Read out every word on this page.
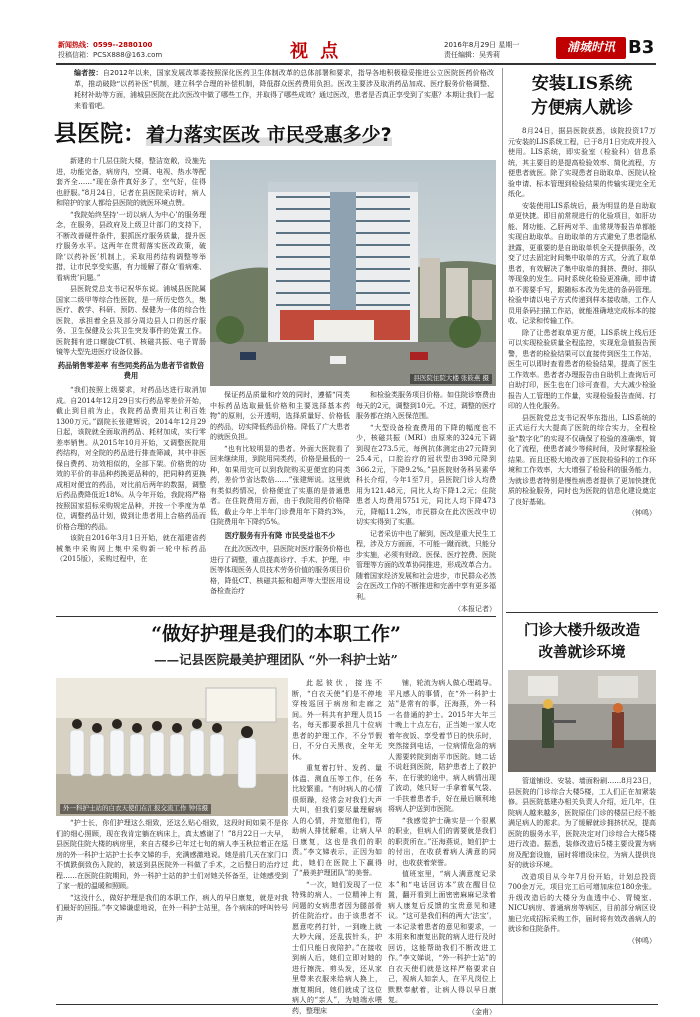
新闻热线：0599--2880100
投稿信箱：PCSX888@163.com	视 点	2016年8月29日 星期一
责任编辑：吴秀莉
浦城时讯 B3
编者按：自2012年以来，国家发展改革委按照深化医药卫生体制改革的总体部署和要求，指导各地积极稳妥推进公立医院医药价格改革，推动破除“以药补医”机制，建立科学合理的补偿机制，降低群众医药费用负担。医改主要涉及取消药品加成、医疗服务价格调整、耗材补助等方面，浦城县医院在此次医改中做了哪些工作，并取得了哪些成效？通过医改，患者是否真正享受到了实惠？本期让我们一起来看看吧。
县医院：着力落实医改 市民受惠多少?

新建的十几层住院大楼，整洁宽敞，设施先进，功能完备，病房内，空调、电视、热水等配套齐全……“现在条件真好多了，空气好，住得也舒服。”8月24日，记者在县医院采访时，病人和陪护的家人都给县医院的就医环境点赞。

“我院始终坚持‘一切以病人为中心’的服务理念，在服务，县政府及上级卫计部门的支持下，不断改善硬件条件，狠抓医疗服务质量，提升医疗服务水平。这两年在贯彻落实医改政策，破除‘以药补医’机制上，采取用药结构调整等举措，让市民享受实惠，有力缓解了群众‘看病难、看病贵’问题。”

县医院党总支书记祝华东说。浦城县医院属国家二级甲等综合性医院，是一所历史悠久，集医疗、教学、科研、预防、保健为一体的综合性医院，承担着全县及部分周边县人口的医疗服务、卫生保健及公共卫生突发事件的处置工作。医院拥有进口螺旋CT机、核磁共振、电子胃肠镜等大型先进医疗设备仪器。

药品销售零差率 有些同类药品为患者节省数倍费用

“我们按照上级要求，对药品达进行取消加成。自2014年12月29日实行药品零差价开始，截止到目前为止，我院药品费用共让利百姓1300万元。”副院长张建辉说，2014年12月29日起，该院就全面取消药品、耗材加成，实行零差率销售。从2015年10月开始，又调整医院用药结构，对全院的药品进行排查筛减，其中非医保自费药、功效相似的，全部下架。价格贵的功效的平价的非品种药换更品种的，把同种药更换成相对便宜的药品，对比前后两年的数据，调整后药品费降低近18%。从今年开始，我院将严格按照国家招标采购规定品种，并按一个季度为单位，调整药品计划，做到让患者用上合格药品而价格合理的药品。

该院自2016年3月1日开始，就在福建省药械集中采购网上集中采购新一轮中标药品（2015版），采购过程中，在

县医院住院大楼 张筱燕 摄

保证药品质量和疗效的同时，遵循“同类中标药品选取最低价格和主要选择基本药物”的原则，公开透明，选择质量好、价格低的药品，切实降低药品价格。降低了广大患者的就医负担。

“也有比较明显的患者。外面大医院看了回来继续用，到院用同类药，价格是最低的一种，如果用完可以到我院购买更便宜的同类药，差价节省达数倍……”张建辉说。这里就有类似药情况，价格便宜了实惠的是普通患者。在住院费用方面，由于我院用药价格降低，截止今年上半年门诊费用年下降约3%，住院费用年下降约5%。

医疗服务有升有降 市民受益也不少

在此次医改中，县医院对医疗服务价格也进行了调整，重点提高诊疗、手术、护理、中医等体现医务人员技术劳务价值的服务项目价格，降低CT、核磁共振和超声等大型医用设备检查治疗

和检验类服务项目价格。如住院诊察费由每天的2元，调整到10元。不过，调整的医疗服务都在纳入医保范围。

“大型设备检查费用的下降的幅度也不少，核磁共振（MRI）由原来的324元下调到现在273.5元，每例抗体测定由27元降到25.4元，口腔治疗的冠状型由398元降到366.2元，下降9.2%。”县医院财务科吴素华科长介绍，今年1至7月，县医院门诊人均费用为121.48元，同比人均下降1.2元；住院患者人均费用5751元，同比人均下降473元，降幅11.2%，市民群众在此次医改中切切实实得到了实惠。

记者采访中也了解到，医改是重大民生工程，涉及方方面面，不可能一蹴而就，只能分步实施，必须有财政、医保、医疗控费、医院管理等方面的改革协同推进，形成改革合力。随着国家经济发展和社会进步，市民群众必然会在医改工作的不断推进和完善中享有更多福利。

（本报记者）
“做好护理是我们的本职工作”
——记县医院最美护理团队 “外一科护士站”
外一科护士站的白衣天使们在汇报交流工作 钟伟摄

“护士长，你们护理这么细致，还这么贴心细致，这段时间如果不是你们的细心照顾，现在我肯定躺在病床上，真太感谢了！”8月22日一大早，县医院住院大楼的病房里，来自古楼乡已年过七旬的病人李玉秋拉着正在巡房的外一科护士站护士长李文娣的手，充满感激地说。她是前几天在家门口不慎跌倒致伤入院的，被送到县医院外一科做了手术，之后整日的治疗过程……在医院住院期间，外一科护士站的护士们对她关怀备至，让她感受到了家一般的温暖和照顾。

“这没什么，做好护理是我们的本职工作，病人的早日康复，就是对我们最好的回报。”李文娣谦虚地说，在外一科护士站里，各个病床的呼叫铃号声

此起彼伏，接连不断，“白衣天使”们是不停地穿梭巡回于病房和走廊之间。外一科共有护理人员15名，每天都要承担几十位病患者的护理工作，不分节假日，不分白天黑夜，全年无休。

重复着打针、发药、量体温、测血压等工作，任务比较繁重。“有时病人的心情很烦躁，经常会对我们大声大叫，但我们要尽量理解病人的心情，并宽慰他们，帮助病人排忧解难，让病人早日康复，这也是我们的职责。”李文娣表示，正因为如此，她们在医院上下赢得了“最美护理团队”的美誉。

“一次，她们发现了一位特殊的病人，一位精神上有问题的女病患者因为腿部骨折住院治疗。由于该患者不愿意吃药打针，一到晚上就大吵大闹，还乱拔针头，护士们只能日夜陪护。”在接收到病人后，她们立即对她的进行擦洗、剪头发，还从家里带来衣服来给病人换上，康复期间，她们就成了这位病人的“亲人”，为她端水喂药，整理床

铺，轮流为病人做心理疏导。平凡感人的事情，在“外一科护士站”是常有的事，汪海燕，外一科一名普通的护士。2015年大年三十晚上十点左右，正当她一家人吃着年夜饭、享受着节日的快乐时，突然接到电话，一位病情危急的病人需要转院到南平市医院。她二话不说赶到医院，陪护患者上了救护车，在行驶的途中，病人病情出现了波动，她只好一手拿着氧气袋、一手扶着患者手，好在最后顺利地将病人护送到市医院。

“我感觉护士确实是一个很累的职业，但病人们的需要就是我们的职责所在。”汪海燕说，她们护士的付出，在收获着病人满意的同时，也收获着荣誉。

值班室里，“病人满意度记录本”和“电话回访本”放在醒目位置，翻开看到上面密密麻麻记录着病人康复后反馈的宝贵意见和建议。“这可是我们科的两大‘法宝’，一本记录着患者的意见和要求，一本用来和康复出院的病人进行及时回访，这能帮助我们不断改进工作。”李文娣说，“外一科护士站”的白衣天使们就是这样严格要求自己，视病人如亲人，在平凡岗位上默默奉献着，让病人得以早日康复。

（金甫）
安装LIS系统
方便病人就诊

8月24日，据县医院获悉，该院投资17万元安装的LIS系统工程，已于8月1日完成并投入使用。LIS系统，即实验室（检验科）信息系统，其主要目的是提高检验效率、简化流程，方便患者就医。除了实现患者自助取单、医院认检验申请、标本管理到检验结果的传输实现完全无纸化。

安装使用LIS系统后，最为明显的是自助取单更快捷。即目前常规进行的化验项目，如肝功能、肾功能、乙肝两对半、血常规等报告单都能实现自助取单。自助取单的方式避免了患者隐私泄露，更重要的是自助取单机全天提供服务，改变了过去固定时间集中取单的方式，分流了取单患者，有效解决了集中取单的拥挤、费时、排队等现象的发生。同时系统化检验更准确，即申请单不需要手写，跟随标本改为先进的条码管理。检验申请以电子方式传递到样本接收端，工作人员用条码扫描工作站，就能准确地完成标本的接收、记录和传输工作。

除了让患者取单更方便，LIS系统上线后还可以实现检验质量全程监控，实现危急值报告预警，患者的检验结果可以直接传到医生工作站，医生可以即时查看患者的检验结果，提高了医生工作效率。患者者办理报告由自助机上查询后可自助打印，医生也在门诊可查看，大大减少检验报告人工管理的工作量，实现检验报告查阅、打印的人性化服务。

县医院党总支书记祝华东指出，LIS系统的正式运行大大提高了医院的综合实力，全程检验“数字化”的实现不仅确保了检验的准确率，简化了流程，使患者减少等候时间，及时掌握检验结果。而且还极大地改善了医院检验科的工作环境和工作效率，大大增强了检验科的服务能力，为就诊患者特别是慢性病患者提供了更加快捷优质的检验服务，同时也为医院的信息化建设奠定了良好基础。

（钟鸣）
门诊大楼升级改造
改善就诊环境

管道铺设、安装、墙面粉刷……8月23日，县医院的门诊综合大楼5楼，工人们正在加紧装修。县医院基建办相关负责人介绍，近几年，住院病人越来越多，医院原住门诊的楼层已经不能满足病人的需求。为了缓解就诊拥挤状况，提高医院的服务水平，医院决定对门诊综合大楼5楼进行改造。据悉，装修改造后5楼主要设置为病房及配套设施，届时将增设床位，为病人提供良好的就诊环境。

改造项目从今年7月份开始，计划总投资700余万元，项目完工后可增加床位180余张。升级改造后的大楼分为血透中心、胃镜室、NICU病房、普通病房等病区，目前部分病区设施已完成招标采购工作，届时将有效改善病人的就诊和住院条件。

（钟鸣）
